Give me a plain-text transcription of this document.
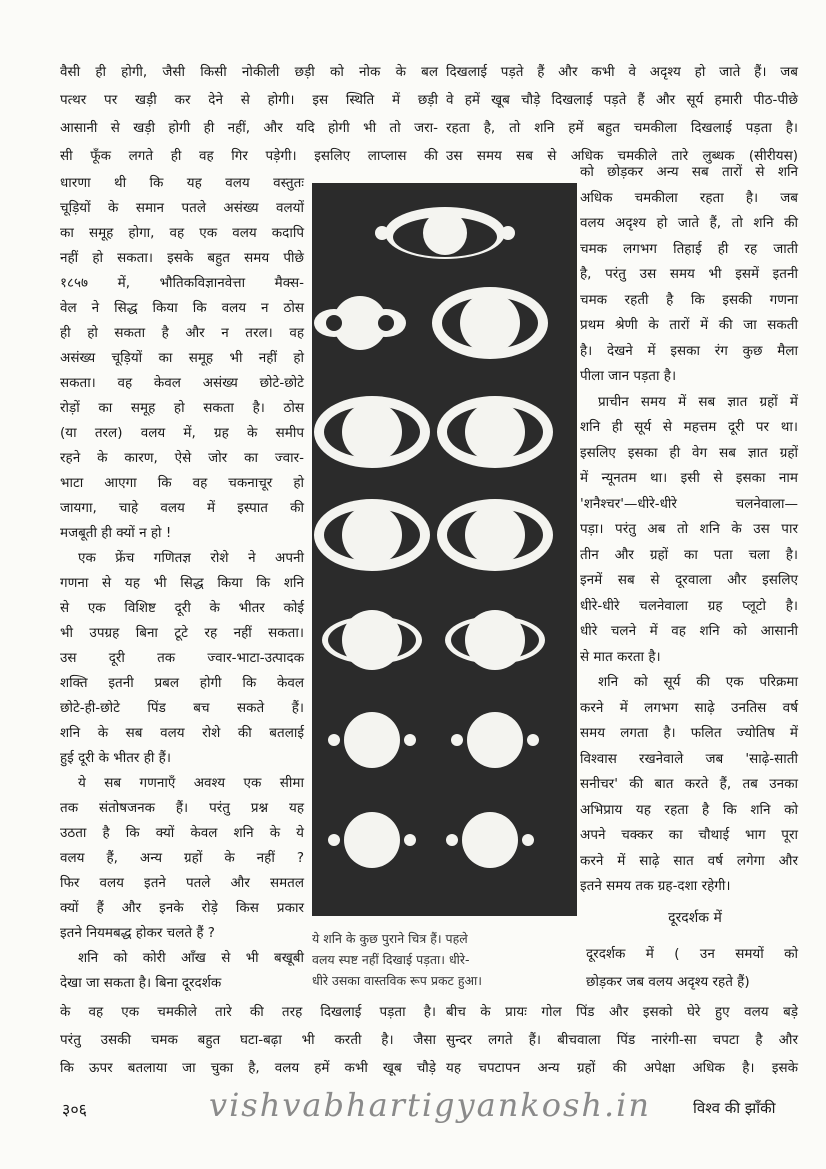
वैसी ही होगी, जैसी किसी नोकीली छड़ी को नोक के बल
पत्थर पर खड़ी कर देने से होगी। इस स्थिति में छड़ी
आसानी से खड़ी होगी ही नहीं, और यदि होगी भी तो जरा-
सी फूँक लगते ही वह गिर पड़ेगी। इसलिए लाप्लास की
धारणा थी कि यह वलय वस्तुतः
चूड़ियों के समान पतले असंख्य वलयों
का समूह होगा, वह एक वलय कदापि
नहीं हो सकता। इसके बहुत समय पीछे
१८५७ में, भौतिकविज्ञानवेत्ता मैक्स-
वेल ने सिद्ध किया कि वलय न ठोस
ही हो सकता है और न तरल। वह
असंख्य चूड़ियों का समूह भी नहीं हो
सकता। वह केवल असंख्य छोटे-छोटे
रोड़ों का समूह हो सकता है। ठोस
(या तरल) वलय में, ग्रह के समीप
रहने के कारण, ऐसे जोर का ज्वार-
भाटा आएगा कि वह चकनाचूर हो
जायगा, चाहे वलय में इस्पात की
मजबूती ही क्यों न हो !
एक फ्रेंच गणितज्ञ रोशे ने अपनी
गणना से यह भी सिद्ध किया कि शनि
से एक विशिष्ट दूरी के भीतर कोई
भी उपग्रह बिना टूटे रह नहीं सकता।
उस दूरी तक ज्वार-भाटा-उत्पादक
शक्ति इतनी प्रबल होगी कि केवल
छोटे-ही-छोटे पिंड बच सकते हैं।
शनि के सब वलय रोशे की बतलाई
हुई दूरी के भीतर ही हैं।
ये सब गणनाएँ अवश्य एक सीमा
तक संतोषजनक हैं। परंतु प्रश्न यह
उठता है कि क्यों केवल शनि के ये
वलय हैं, अन्य ग्रहों के नहीं ?
फिर वलय इतने पतले और समतल
क्यों हैं और इनके रोड़े किस प्रकार
इतने नियमबद्ध होकर चलते हैं ?
शनि को कोरी आँख से भी बखूबी
देखा जा सकता है। बिना दूरदर्शक
दिखलाई पड़ते हैं और कभी वे अदृश्य हो जाते हैं। जब
वे हमें खूब चौड़े दिखलाई पड़ते हैं और सूर्य हमारी पीठ-पीछे
रहता है, तो शनि हमें बहुत चमकीला दिखलाई पड़ता है।
उस समय सब से अधिक चमकीले तारे लुब्धक (सीरीयस)
को छोड़कर अन्य सब तारों से शनि
अधिक चमकीला रहता है। जब
वलय अदृश्य हो जाते हैं, तो शनि की
चमक लगभग तिहाई ही रह जाती
है, परंतु उस समय भी इसमें इतनी
चमक रहती है कि इसकी गणना
प्रथम श्रेणी के तारों में की जा सकती
है। देखने में इसका रंग कुछ मैला
पीला जान पड़ता है।
प्राचीन समय में सब ज्ञात ग्रहों में
शनि ही सूर्य से महत्तम दूरी पर था।
इसलिए इसका ही वेग सब ज्ञात ग्रहों
में न्यूनतम था। इसी से इसका नाम
'शनैश्चर'—धीरे-धीरे चलनेवाला—
पड़ा। परंतु अब तो शनि के उस पार
तीन और ग्रहों का पता चला है।
इनमें सब से दूरवाला और इसलिए
धीरे-धीरे चलनेवाला ग्रह प्लूटो है।
धीरे चलने में वह शनि को आसानी
से मात करता है।
शनि को सूर्य की एक परिक्रमा
करने में लगभग साढ़े उनतिस वर्ष
समय लगता है। फलित ज्योतिष में
विश्वास रखनेवाले जब 'साढ़े-साती
सनीचर' की बात करते हैं, तब उनका
अभिप्राय यह रहता है कि शनि को
अपने चक्कर का चौथाई भाग पूरा
करने में साढ़े सात वर्ष लगेगा और
इतने समय तक ग्रह-दशा रहेगी।
दूरदर्शक में
दूरदर्शक में ( उन समयों को
छोड़कर जब वलय अदृश्य रहते हैं)
के वह एक चमकीले तारे की तरह दिखलाई पड़ता है।
परंतु उसकी चमक बहुत घटा-बढ़ा भी करती है। जैसा
कि ऊपर बतलाया जा चुका है, वलय हमें कभी खूब चौड़े
बीच के प्रायः गोल पिंड और इसको घेरे हुए वलय बड़े
सुन्दर लगते हैं। बीचवाला पिंड नारंगी-सा चपटा है और
यह चपटापन अन्य ग्रहों की अपेक्षा अधिक है। इसके
ये शनि के कुछ पुराने चित्र हैं। पहले
वलय स्पष्ट नहीं दिखाई पड़ता। धीरे-
धीरे उसका वास्तविक रूप प्रकट हुआ।
३०६	vishvabhartigyankosh.in	विश्व की झाँकी
